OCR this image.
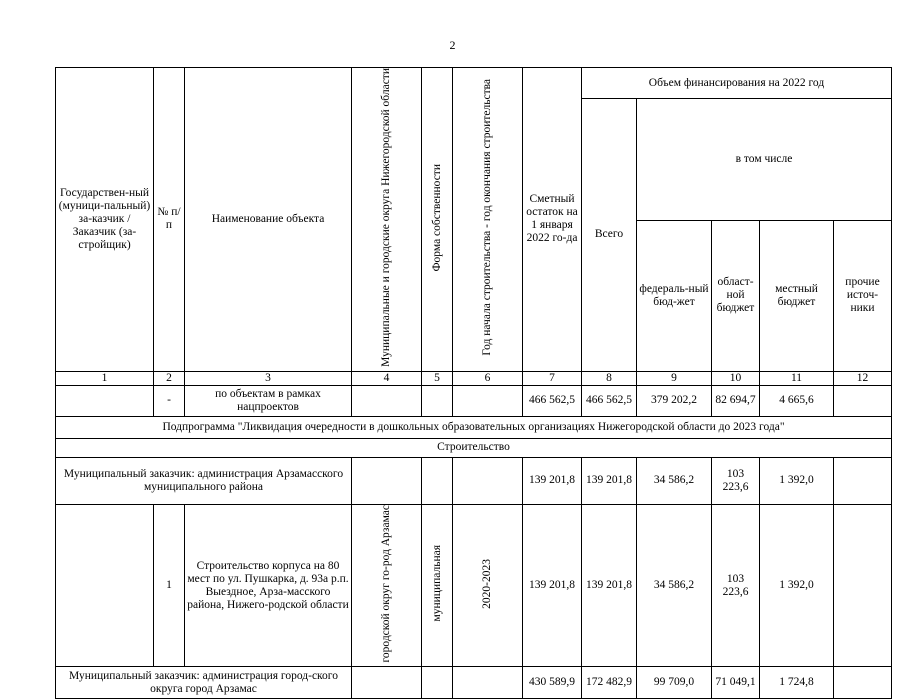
2
Государствен-ный (муници-пальный) за-казчик / Заказчик (за-стройщик)	№ п/п	Наименование объекта	Муниципальные и городские округа Нижегородской области	Форма собственности	Год начала строительства - год окончания строительства	Сметный остаток на 1 января 2022 го-да	Объем финансирования на 2022 год				
							Всего	в том числе			
								федераль-ный бюд-жет	област-ной бюджет	местный бюджет	прочие источ-ники
1	2	3	4	5	6	7	8	9	10	11	12
	-	по объектам в рамках нацпроектов				466 562,5	466 562,5	379 202,2	82 694,7	4 665,6	
Подпрограмма "Ликвидация очередности в дошкольных образовательных организациях Нижегородской области до 2023 года"											
Строительство											
Муниципальный заказчик: администрация Арзамасского муниципального района						139 201,8	139 201,8	34 586,2	103 223,6	1 392,0	
	1	Строительство корпуса на 80 мест по ул. Пушкарка, д. 93а р.п. Выездное, Арза-масского района, Нижего-родской области	городской округ го-род Арзамас	муниципальная	2020-2023	139 201,8	139 201,8	34 586,2	103 223,6	1 392,0	
Муниципальный заказчик: администрация город-ского округа город Арзамас						430 589,9	172 482,9	99 709,0	71 049,1	1 724,8	
